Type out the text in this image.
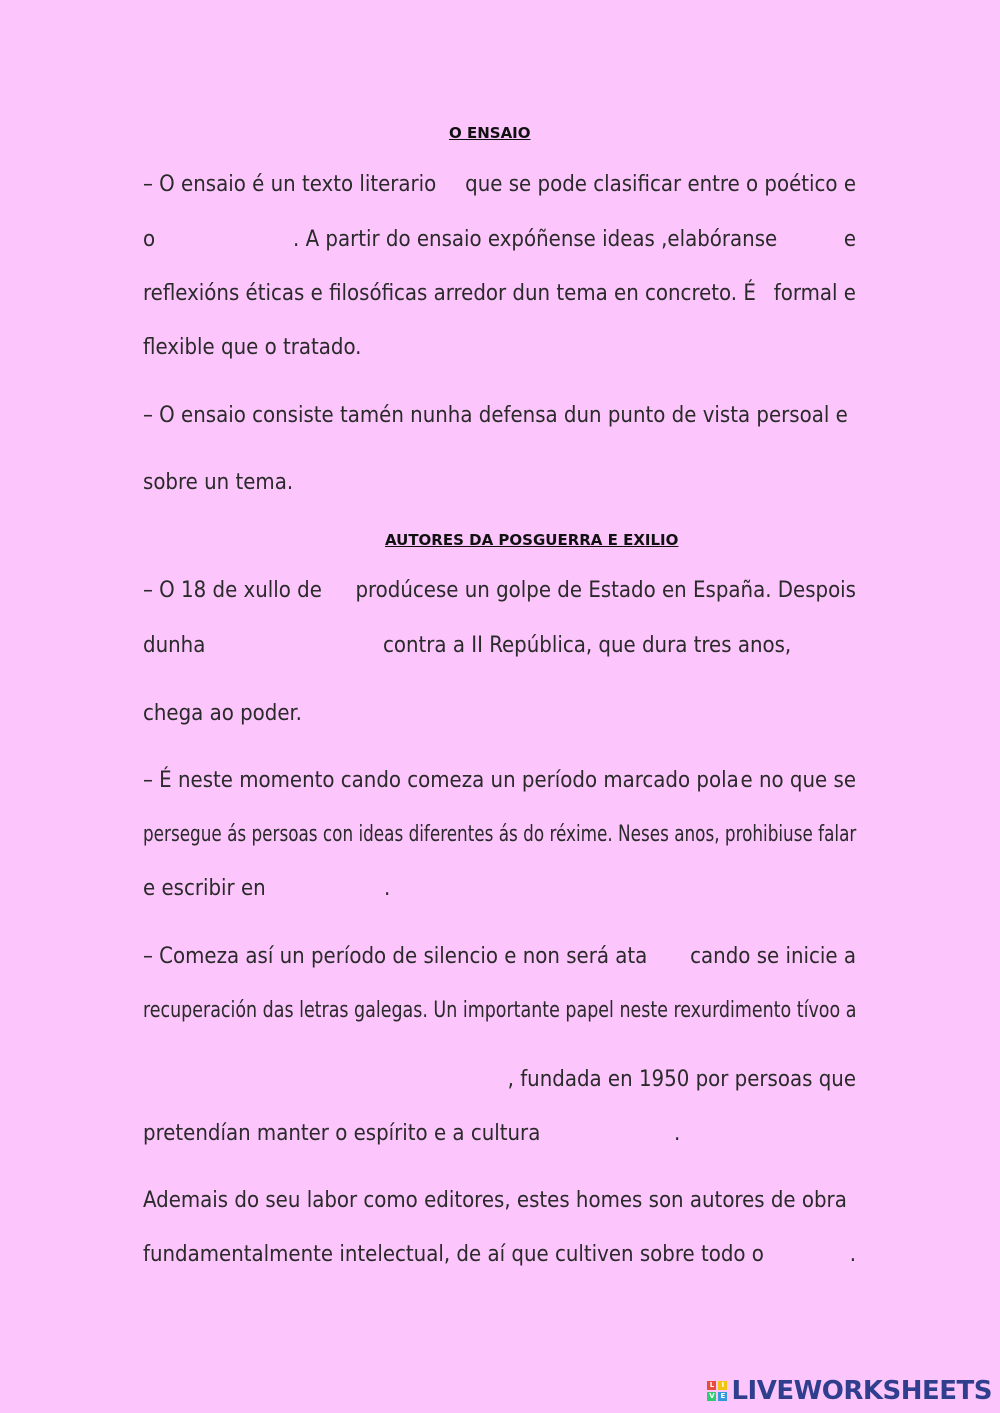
O ENSAIO
– O ensaio é un texto literario que se pode clasificar entre o poético e
o	. A partir do ensaio expóñense ideas ,elabóranse	e
reflexións éticas e filosóficas arredor dun tema en concreto. É formal e
flexible que o tratado.
– O ensaio consiste tamén nunha defensa dun punto de vista persoal e
sobre un tema.
AUTORES DA POSGUERRA E EXILIO
– O 18 de xullo de prodúcese un golpe de Estado en España. Despois
dunha	contra a II República, que dura tres anos,
chega ao poder.
– É neste momento cando comeza un período marcado pola e no que se
persegue ás persoas con ideas diferentes ás do réxime. Neses anos, prohibiuse falar
e escribir en	.
– Comeza así un período de silencio e non será ata cando se inicie a
recuperación das letras galegas. Un importante papel neste rexurdimento tívoo a
, fundada en 1950 por persoas que
pretendían manter o espírito e a cultura	.
Ademais do seu labor como editores, estes homes son autores de obra
fundamentalmente intelectual, de aí que cultiven sobre todo o	.
L	I
V E LIVEWORKSHEETS
